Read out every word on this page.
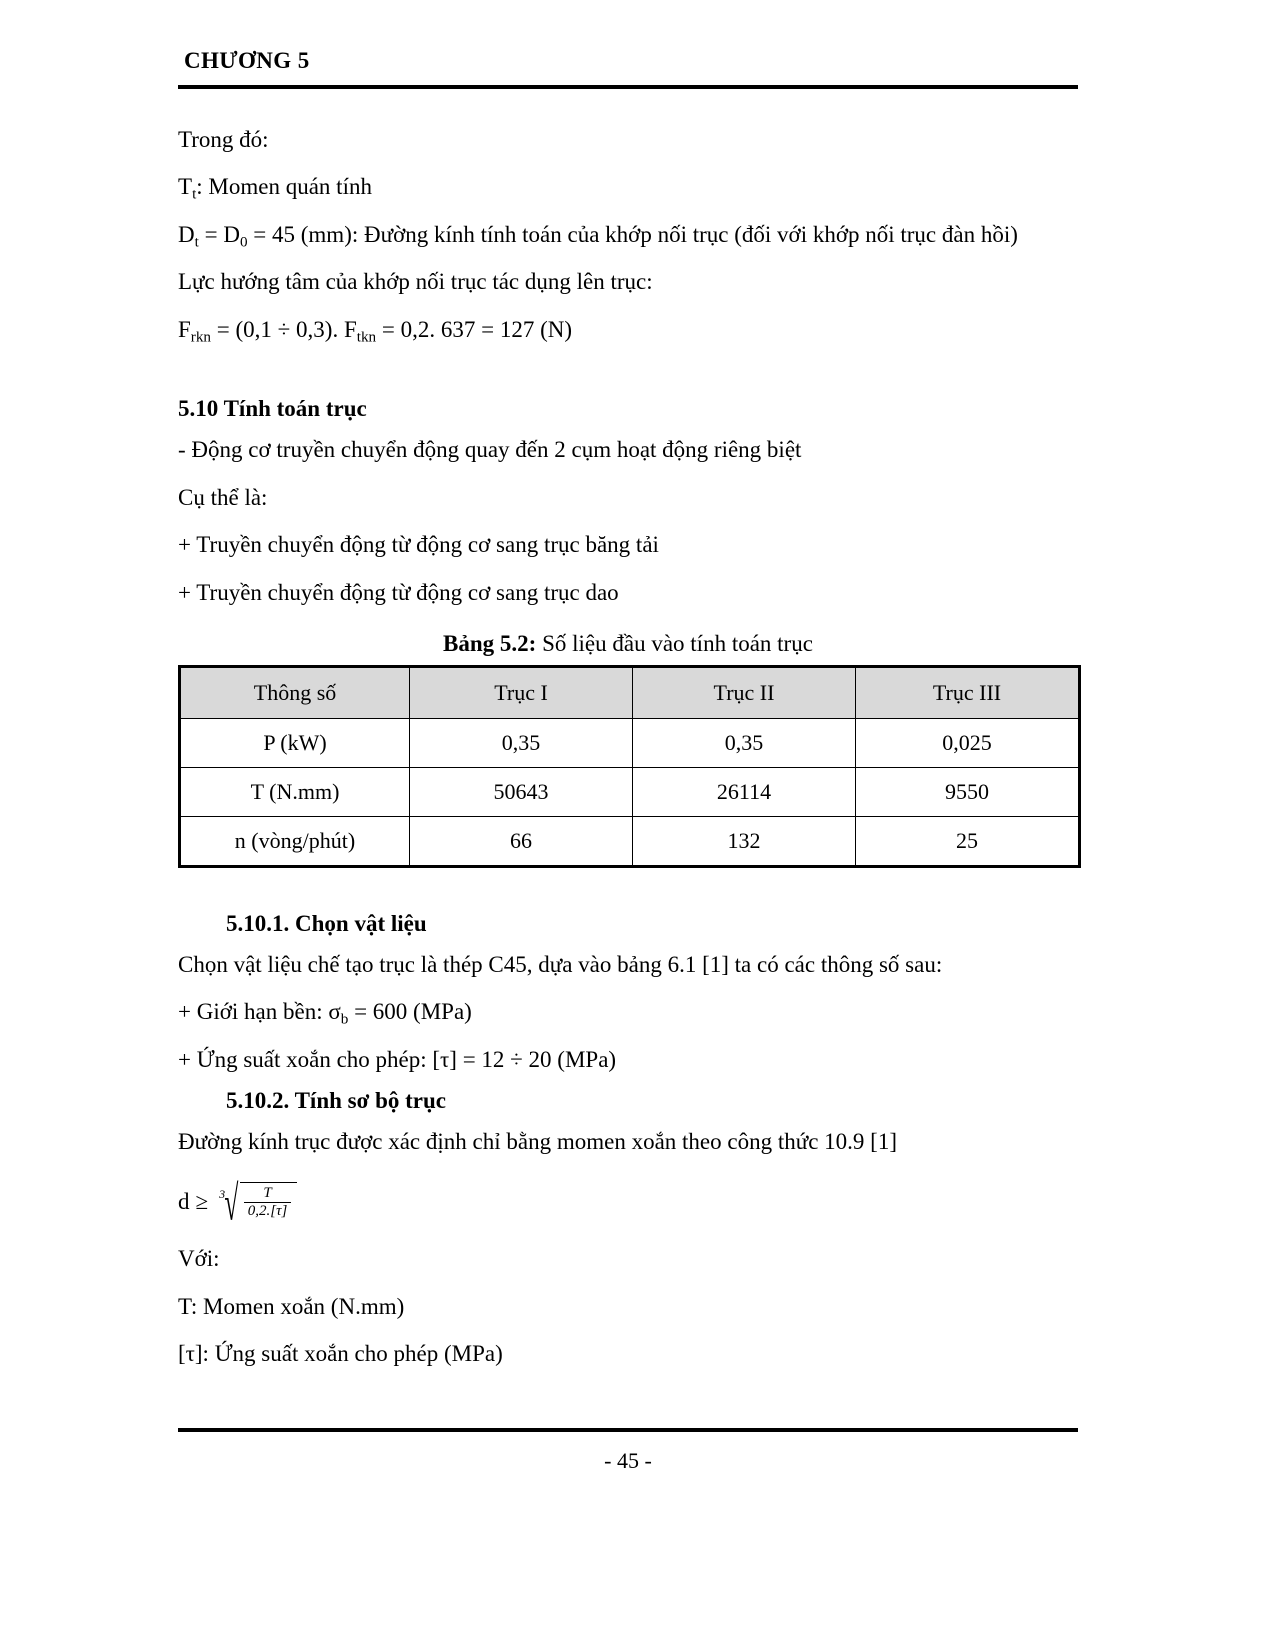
CHƯƠNG 5

Trong đó:

$T_t$: Momen quán tính

$D_t = D_0 = 45$ (mm): Đường kính tính toán của khớp nối trục (đối với khớp nối trục đàn hồi)

Lực hướng tâm của khớp nối trục tác dụng lên trục:

$F_{rkn} = (0,1 \div 0,3)$. $F_{tkn} = 0,2$. 637 = 127 (N)

5.10 Tính toán trục

- Động cơ truyền chuyển động quay đến 2 cụm hoạt động riêng biệt

Cụ thể là:

+ Truyền chuyển động từ động cơ sang trục băng tải

+ Truyền chuyển động từ động cơ sang trục dao

Bảng 5.2: Số liệu đầu vào tính toán trục
Thông số	Trục I	Trục II	Trục III
P (kW)	0,35	0,35	0,025
T (N.mm)	50643	26114	9550
n (vòng/phút)	66	132	25
5.10.1. Chọn vật liệu

Chọn vật liệu chế tạo trục là thép C45, dựa vào bảng 6.1 [1] ta có các thông số sau:

+ Giới hạn bền: $\sigma_b = 600$ (MPa)

+ Ứng suất xoắn cho phép: [τ] = 12 ÷ 20 (MPa)

5.10.2. Tính sơ bộ trục

Đường kính trục được xác định chỉ bằng momen xoắn theo công thức 10.9 [1]

d ≥ 3 √ $\frac{T}{0,2.[\tau]}$

Với:

T: Momen xoắn (N.mm)

[τ]: Ứng suất xoắn cho phép (MPa)

- 45 -
